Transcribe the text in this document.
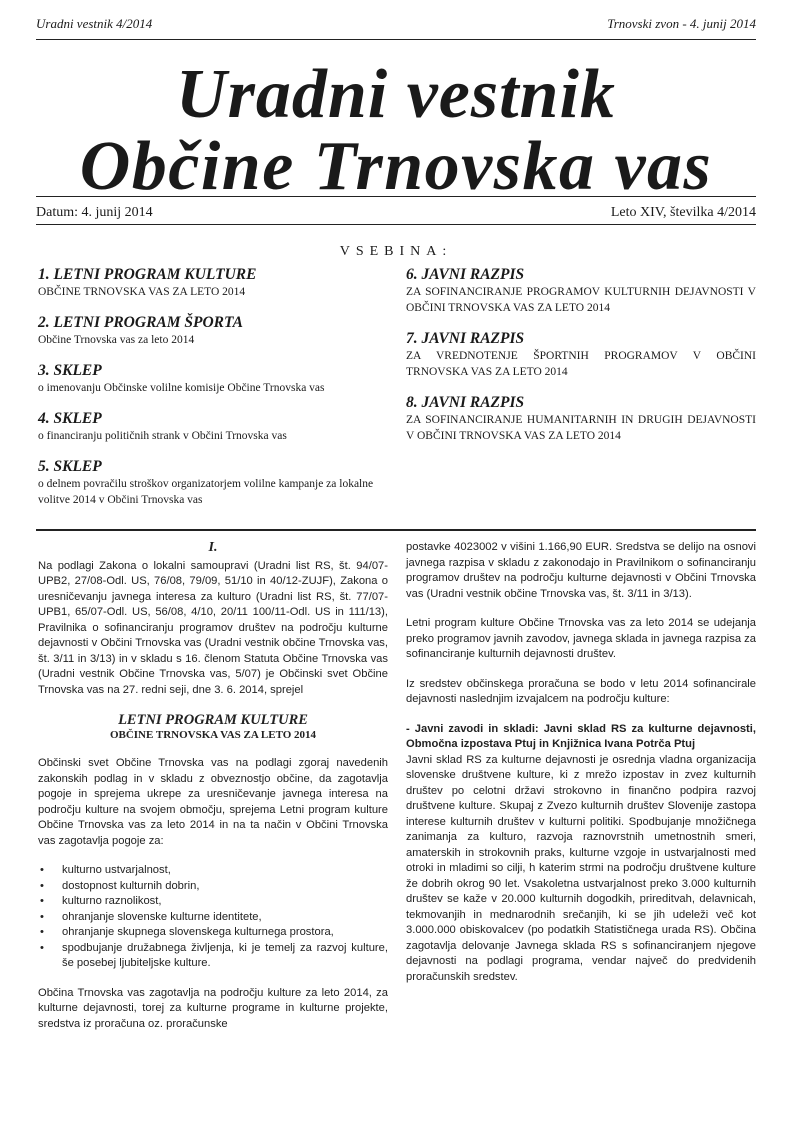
Uradni vestnik 4/2014	Trnovski zvon - 4. junij 2014
Uradni vestnik
Občine Trnovska vas
Datum: 4. junij 2014	Leto XIV, številka 4/2014
VSEBINA:
1. LETNI PROGRAM KULTURE
OBČINE TRNOVSKA VAS ZA LETO 2014
2. LETNI PROGRAM ŠPORTA
Občine Trnovska vas za leto 2014
3. SKLEP
o imenovanju Občinske volilne komisije Občine Trnovska vas
4. SKLEP
o financiranju političnih strank v Občini Trnovska vas
5. SKLEP
o delnem povračilu stroškov organizatorjem volilne kampanje za lokalne volitve 2014 v Občini Trnovska vas
6. JAVNI RAZPIS
ZA SOFINANCIRANJE PROGRAMOV KULTURNIH DEJAVNOSTI V OBČINI TRNOVSKA VAS ZA LETO 2014
7. JAVNI RAZPIS
ZA VREDNOTENJE ŠPORTNIH PROGRAMOV V OBČINI TRNOVSKA VAS ZA LETO 2014
8. JAVNI RAZPIS
ZA SOFINANCIRANJE HUMANITARNIH IN DRUGIH DEJAVNOSTI V OBČINI TRNOVSKA VAS ZA LETO 2014
I.

Na podlagi Zakona o lokalni samoupravi (Uradni list RS, št. 94/07-UPB2, 27/08-Odl. US, 76/08, 79/09, 51/10 in 40/12-ZUJF), Zakona o uresničevanju javnega interesa za kulturo (Uradni list RS, št. 77/07-UPB1, 65/07-Odl. US, 56/08, 4/10, 20/11 100/11-Odl. US in 111/13), Pravilnika o sofinanciranju programov društev na področju kulturne dejavnosti v Občini Trnovska vas (Uradni vestnik občine Trnovska vas, št. 3/11 in 3/13) in v skladu s 16. členom Statuta Občine Trnovska vas (Uradni vestnik Občine Trnovska vas, 5/07) je Občinski svet Občine Trnovska vas na 27. redni seji, dne 3. 6. 2014, sprejel

LETNI PROGRAM KULTURE
OBČINE TRNOVSKA VAS ZA LETO 2014

Občinski svet Občine Trnovska vas na podlagi zgoraj navedenih zakonskih podlag in v skladu z obveznostjo občine, da zagotavlja pogoje in sprejema ukrepe za uresničevanje javnega interesa na področju kulture na svojem območju, sprejema Letni program kulture Občine Trnovska vas za leto 2014 in na ta način v Občini Trnovska vas zagotavlja pogoje za:

• kulturno ustvarjalnost,
• dostopnost kulturnih dobrin,
• kulturno raznolikost,
• ohranjanje slovenske kulturne identitete,
• ohranjanje skupnega slovenskega kulturnega prostora,
• spodbujanje družabnega življenja, ki je temelj za razvoj kulture, še posebej ljubiteljske kulture.

Občina Trnovska vas zagotavlja na področju kulture za leto 2014, za kulturne dejavnosti, torej za kulturne programe in kulturne projekte, sredstva iz proračuna oz. proračunske

postavke 4023002 v višini 1.166,90 EUR. Sredstva se delijo na osnovi javnega razpisa v skladu z zakonodajo in Pravilnikom o sofinanciranju programov društev na področju kulturne dejavnosti v Občini Trnovska vas (Uradni vestnik občine Trnovska vas, št. 3/11 in 3/13).

Letni program kulture Občine Trnovska vas za leto 2014 se udejanja preko programov javnih zavodov, javnega sklada in javnega razpisa za sofinanciranje kulturnih dejavnosti društev.

Iz sredstev občinskega proračuna se bodo v letu 2014 sofinancirale dejavnosti naslednjim izvajalcem na področju kulture:

- Javni zavodi in skladi: Javni sklad RS za kulturne dejavnosti, Območna izpostava Ptuj in Knjižnica Ivana Potrča Ptuj

Javni sklad RS za kulturne dejavnosti je osrednja vladna organizacija slovenske društvene kulture, ki z mrežo izpostav in zvez kulturnih društev po celotni državi strokovno in finančno podpira razvoj društvene kulture. Skupaj z Zvezo kulturnih društev Slovenije zastopa interese kulturnih društev v kulturni politiki. Spodbujanje množičnega zanimanja za kulturo, razvoja raznovrstnih umetnostnih smeri, amaterskih in strokovnih praks, kulturne vzgoje in ustvarjalnosti med otroki in mladimi so cilji, h katerim strmi na področju društvene kulture že dobrih okrog 90 let. Vsakoletna ustvarjalnost preko 3.000 kulturnih društev se kaže v 20.000 kulturnih dogodkih, prireditvah, delavnicah, tekmovanjih in mednarodnih srečanjih, ki se jih udeleži več kot 3.000.000 obiskovalcev (po podatkih Statističnega urada RS). Občina zagotavlja delovanje Javnega sklada RS s sofinanciranjem njegove dejavnosti na podlagi programa, vendar največ do predvidenih proračunskih sredstev.
